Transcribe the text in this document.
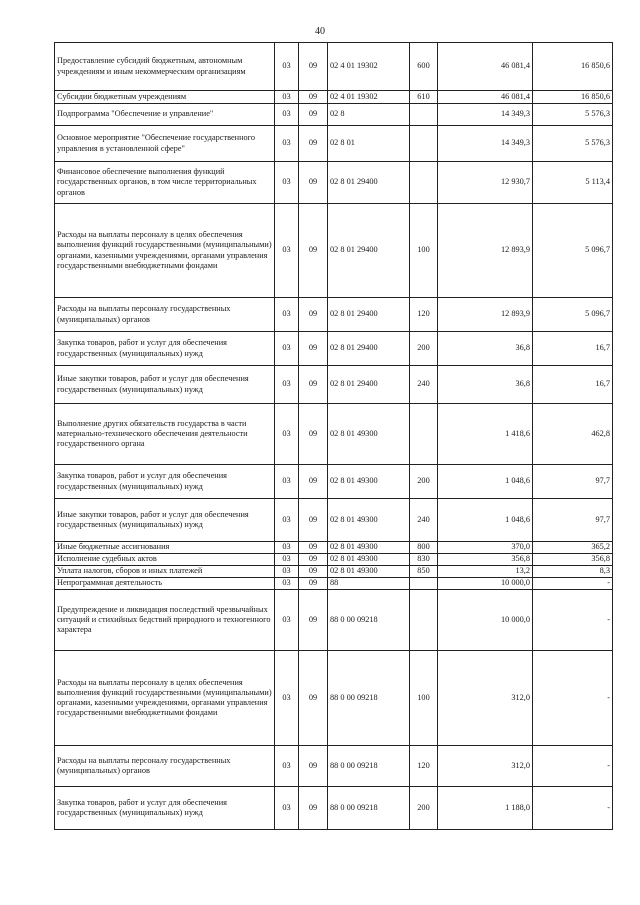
40
Предоставление субсидий бюджетным, автономным учреждениям и иным некоммерческим организациям	03	09	02 4 01 19302	600	46 081,4	16 850,6
Субсидии бюджетным учреждениям	03	09	02 4 01 19302	610	46 081,4	16 850,6
Подпрограмма "Обеспечение и управление"	03	09	02 8		14 349,3	5 576,3
Основное мероприятие "Обеспечение государственного управления в установленной сфере"	03	09	02 8 01		14 349,3	5 576,3
Финансовое обеспечение выполнения функций государственных органов, в том числе территориальных органов	03	09	02 8 01 29400		12 930,7	5 113,4
Расходы на выплаты персоналу в целях обеспечения выполнения функций государственными (муниципальными) органами, казенными учреждениями, органами управления государственными внебюджетными фондами	03	09	02 8 01 29400	100	12 893,9	5 096,7
Расходы на выплаты персоналу государственных (муниципальных) органов	03	09	02 8 01 29400	120	12 893,9	5 096,7
Закупка товаров, работ и услуг для обеспечения государственных (муниципальных) нужд	03	09	02 8 01 29400	200	36,8	16,7
Иные закупки товаров, работ и услуг для обеспечения государственных (муниципальных) нужд	03	09	02 8 01 29400	240	36,8	16,7
Выполнение других обязательств государства в части материально-технического обеспечения деятельности государственного органа	03	09	02 8 01 49300		1 418,6	462,8
Закупка товаров, работ и услуг для обеспечения государственных (муниципальных) нужд	03	09	02 8 01 49300	200	1 048,6	97,7
Иные закупки товаров, работ и услуг для обеспечения государственных (муниципальных) нужд	03	09	02 8 01 49300	240	1 048,6	97,7
Иные бюджетные ассигнования	03	09	02 8 01 49300	800	370,0	365,2
Исполнение судебных актов	03	09	02 8 01 49300	830	356,8	356,8
Уплата налогов, сборов и иных платежей	03	09	02 8 01 49300	850	13,2	8,3
Непрограммная деятельность	03	09	88		10 000,0	-
Предупреждение и ликвидация последствий чрезвычайных ситуаций и стихийных бедствий природного и техногенного характера	03	09	88 0 00 09218		10 000,0	-
Расходы на выплаты персоналу в целях обеспечения выполнения функций государственными (муниципальными) органами, казенными учреждениями, органами управления государственными внебюджетными фондами	03	09	88 0 00 09218	100	312,0	-
Расходы на выплаты персоналу государственных (муниципальных) органов	03	09	88 0 00 09218	120	312,0	-
Закупка товаров, работ и услуг для обеспечения государственных (муниципальных) нужд	03	09	88 0 00 09218	200	1 188,0	-
